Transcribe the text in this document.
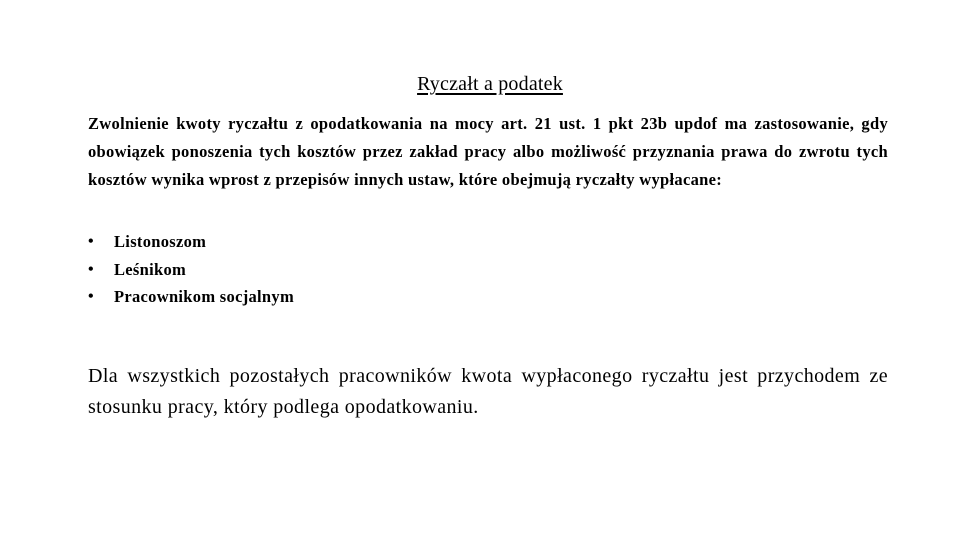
Ryczałt a podatek
Zwolnienie kwoty ryczałtu z opodatkowania na mocy art. 21 ust. 1 pkt 23b updof ma zastosowanie, gdy obowiązek ponoszenia tych kosztów przez zakład pracy albo możliwość przyznania prawa do zwrotu tych kosztów wynika wprost z przepisów innych ustaw, które obejmują ryczałty wypłacane:
•	Listonoszom
•	Leśnikom
•	Pracownikom socjalnym
Dla wszystkich pozostałych pracowników kwota wypłaconego ryczałtu jest przychodem ze stosunku pracy, który podlega opodatkowaniu.
